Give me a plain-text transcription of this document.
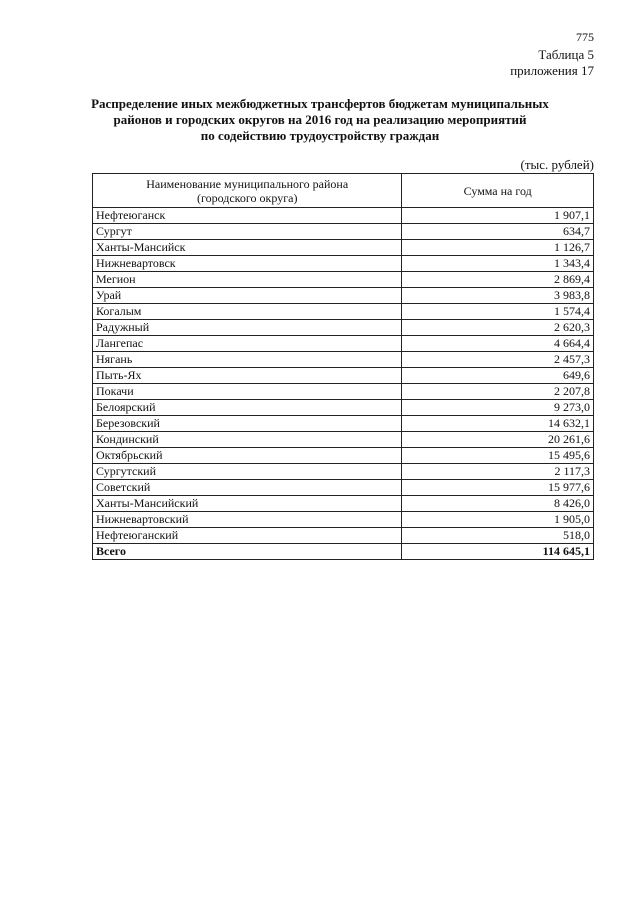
775
Таблица 5
приложения 17
Распределение иных межбюджетных трансфертов бюджетам муниципальных
районов и городских округов на 2016 год на реализацию мероприятий
по содействию трудоустройству граждан
(тыс. рублей)
Наименование муниципального района
(городского округа)	Сумма на год
Нефтеюганск	1 907,1
Сургут	634,7
Ханты-Мансийск	1 126,7
Нижневартовск	1 343,4
Мегион	2 869,4
Урай	3 983,8
Когалым	1 574,4
Радужный	2 620,3
Лангепас	4 664,4
Нягань	2 457,3
Пыть-Ях	649,6
Покачи	2 207,8
Белоярский	9 273,0
Березовский	14 632,1
Кондинский	20 261,6
Октябрьский	15 495,6
Сургутский	2 117,3
Советский	15 977,6
Ханты-Мансийский	8 426,0
Нижневартовский	1 905,0
Нефтеюганский	518,0
Всего	114 645,1
